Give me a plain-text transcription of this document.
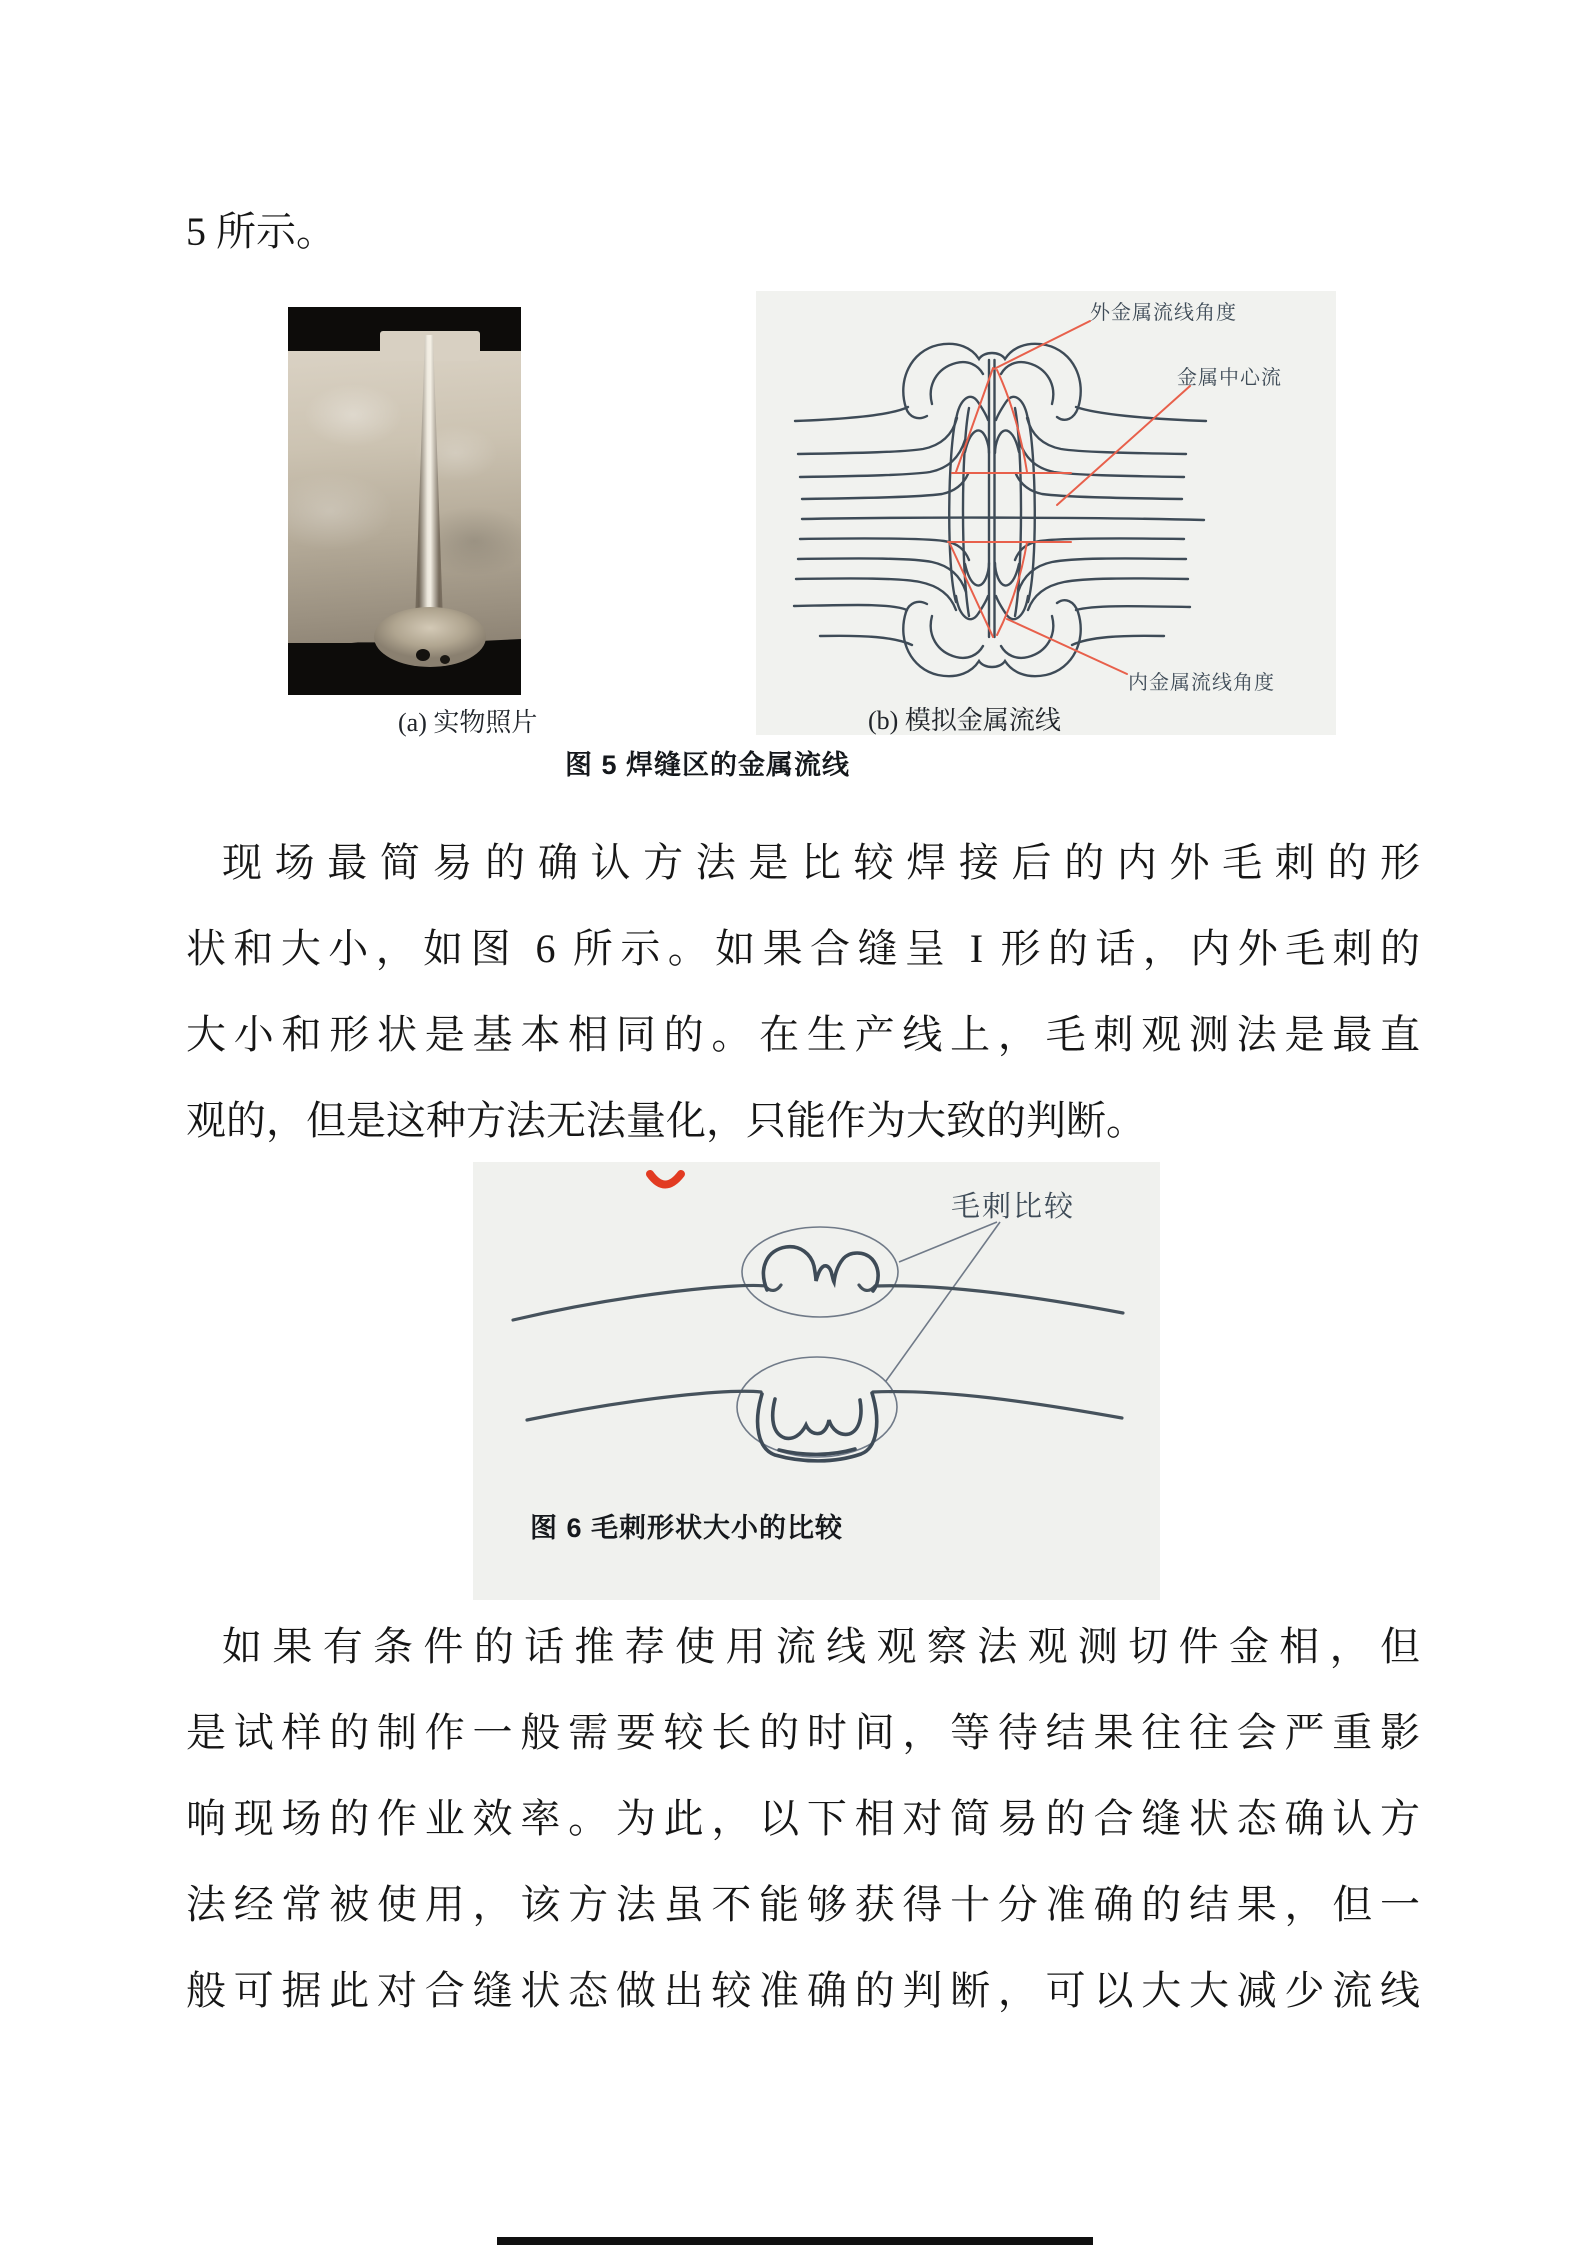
5 所示。
外金属流线角度
金属中心流
内金属流线角度
(a) 实物照片	(b) 模拟金属流线
图 5 焊缝区的金属流线
现场最简易的确认方法是比较焊接后的内外毛刺的形
状和大小，如图 6 所示。如果合缝呈 I 形的话，内外毛刺的
大小和形状是基本相同的。在生产线上，毛刺观测法是最直
观的，但是这种方法无法量化，只能作为大致的判断。
毛刺比较
图 6 毛刺形状大小的比较
如果有条件的话推荐使用流线观察法观测切件金相，但
是试样的制作一般需要较长的时间，等待结果往往会严重影
响现场的作业效率。为此，以下相对简易的合缝状态确认方
法经常被使用，该方法虽不能够获得十分准确的结果，但一
般可据此对合缝状态做出较准确的判断，可以大大减少流线
